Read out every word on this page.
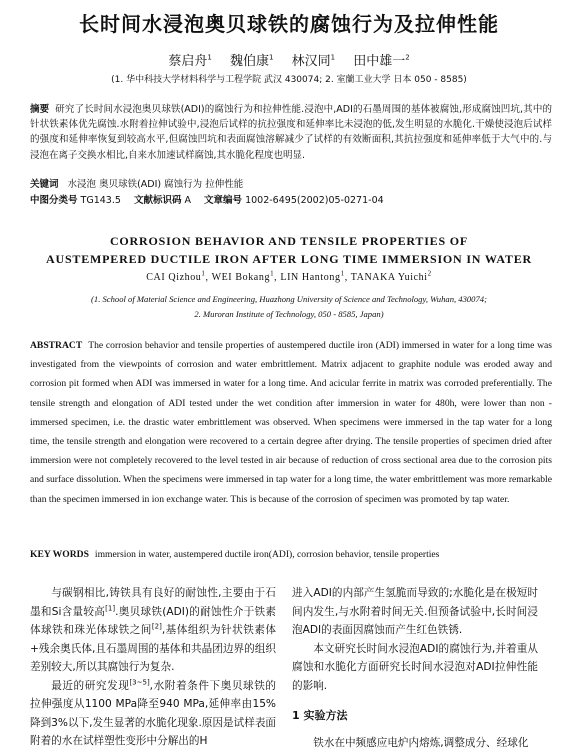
长时间水浸泡奥贝球铁的腐蚀行为及拉伸性能
蔡启舟$^1$ 魏伯康$^1$ 林汉同$^1$ 田中雄一$^2$
(1. 华中科技大学材料科学与工程学院 武汉 430074; 2. 室蘭工业大学 日本 050 - 8585)
摘要 研究了长时间水浸泡奥贝球铁(ADI)的腐蚀行为和拉伸性能.浸泡中,ADI的石墨周围的基体被腐蚀,形成腐蚀凹坑,其中的针状铁素体优先腐蚀.水附着拉伸试验中,浸泡后试样的抗拉强度和延伸率比未浸泡的低,发生明显的水脆化.干燥使浸泡后试样的强度和延伸率恢复到较高水平,但腐蚀凹坑和表面腐蚀溶解减少了试样的有效断面积,其抗拉强度和延伸率低于大气中的.与浸泡在离子交换水相比,自来水加速试样腐蚀,其水脆化程度也明显.
关键词 水浸泡 奥贝球铁(ADI) 腐蚀行为 拉伸性能
中图分类号 TG143.5 文献标识码 A 文章编号 1002-6495(2002)05-0271-04
CORROSION BEHAVIOR AND TENSILE PROPERTIES OF
AUSTEMPERED DUCTILE IRON AFTER LONG TIME IMMERSION IN WATER
CAI Qizhou$^1$, WEI Bokang$^1$, LIN Hantong$^1$, TANAKA Yuichi$^2$
(1. School of Material Science and Engineering, Huazhong University of Science and Technology, Wuhan, 430074;
2. Muroran Institute of Technology, 050 - 8585, Japan)
ABSTRACT The corrosion behavior and tensile properties of austempered ductile iron (ADI) immersed in water for a long time was investigated from the viewpoints of corrosion and water embrittlement. Matrix adjacent to graphite nodule was eroded away and corrosion pit formed when ADI was immersed in water for a long time. And acicular ferrite in matrix was corroded preferentially. The tensile strength and elongation of ADI tested under the wet condition after immersion in water for 480h, were lower than non - immersed specimen, i.e. the drastic water embrittlement was observed. When specimens were immersed in the tap water for a long time, the tensile strength and elongation were recovered to a certain degree after drying. The tensile properties of specimen dried after immersion were not completely recovered to the level tested in air because of reduction of cross sectional area due to the corrosion pits and surface dissolution. When the specimens were immersed in tap water for a long time, the water embrittlement was more remarkable than the specimen immersed in ion exchange water. This is because of the corrosion of specimen was promoted by tap water.
KEY WORDS immersion in water, austempered ductile iron(ADI), corrosion behavior, tensile properties

与碳钢相比,铸铁具有良好的耐蚀性,主要由于石墨和Si含量较高[1].奥贝球铁(ADI)的耐蚀性介于铁素体球铁和珠光体球铁之间[2],基体组织为针状铁素体+残余奥氏体,且石墨周围的基体和共晶团边界的组织差别较大,所以其腐蚀行为复杂.

最近的研究发现[3~5],水附着条件下奥贝球铁的拉伸强度从1100 MPa降至940 MPa,延伸率由15%降到3%以下,发生显著的水脆化现象.原因是试样表面附着的水在试样塑性变形中分解出的H

进入ADI的内部产生氢脆而导致的;水脆化是在极短时间内发生,与水附着时间无关.但预备试验中,长时间浸泡ADI的表面因腐蚀而产生红色铁锈.

本文研究长时间水浸泡ADI的腐蚀行为,并着重从腐蚀和水脆化方面研究长时间水浸泡对ADI拉伸性能的影响.

1 实验方法

铁水在中频感应电炉内熔炼,调整成分、经球化
